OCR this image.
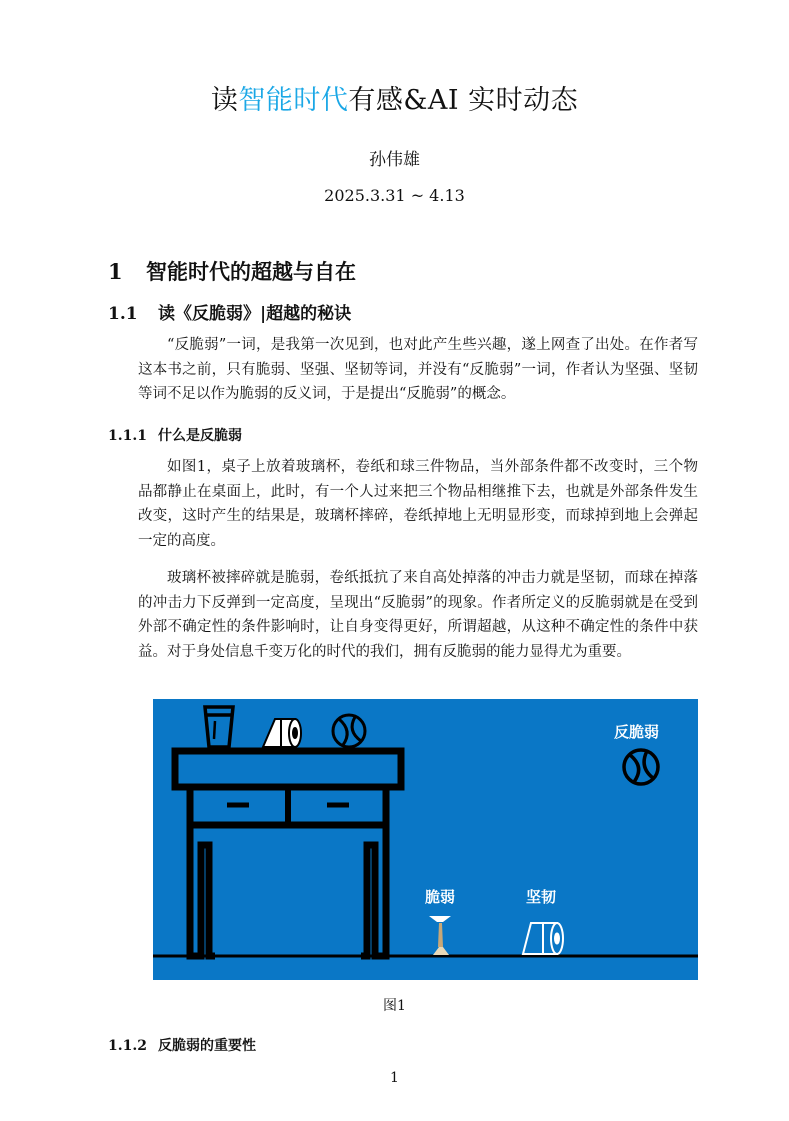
读智能时代有感&AI 实时动态
孙伟雄
2025.3.31 ~ 4.13
1 智能时代的超越与自在
1.1 读《反脆弱》|超越的秘诀
“反脆弱”一词，是我第一次见到，也对此产生些兴趣，遂上网查了出处。在作者写这本书之前，只有脆弱、坚强、坚韧等词，并没有“反脆弱”一词，作者认为坚强、坚韧等词不足以作为脆弱的反义词，于是提出“反脆弱”的概念。
1.1.1 什么是反脆弱
如图1，桌子上放着玻璃杯，卷纸和球三件物品，当外部条件都不改变时，三个物品都静止在桌面上，此时，有一个人过来把三个物品相继推下去，也就是外部条件发生改变，这时产生的结果是，玻璃杯摔碎，卷纸掉地上无明显形变，而球掉到地上会弹起一定的高度。
玻璃杯被摔碎就是脆弱，卷纸抵抗了来自高处掉落的冲击力就是坚韧，而球在掉落的冲击力下反弹到一定高度，呈现出“反脆弱”的现象。作者所定义的反脆弱就是在受到外部不确定性的条件影响时，让自身变得更好，所谓超越，从这种不确定性的条件中获益。对于身处信息千变万化的时代的我们，拥有反脆弱的能力显得尤为重要。
反脆弱
脆弱	坚韧
图1
1.1.2 反脆弱的重要性
1
